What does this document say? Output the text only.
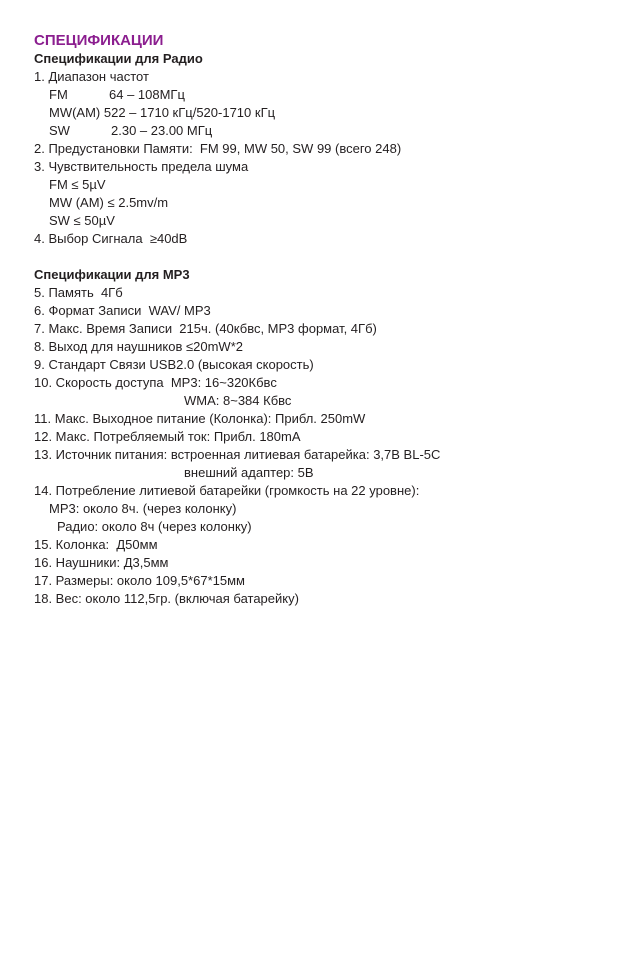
СПЕЦИФИКАЦИИ
Спецификации для Радио
1. Диапазон частот
FM	64 – 108МГц
MW(AM) 522 – 1710 кГц/520-1710 кГц
SW	2.30 – 23.00 МГц
2. Предустановки Памяти:  FM 99, MW 50, SW 99 (всего 248)
3. Чувствительность предела шума
FM ≤ 5µV
MW (AM) ≤ 2.5mv/m
SW ≤ 50µV
4. Выбор Сигнала  ≥40dB
Спецификации для MP3
5. Память  4Гб
6. Формат Записи  WAV/ MP3
7. Макс. Время Записи  215ч. (40кбвс, MP3 формат, 4Гб)
8. Выход для наушников ≤20mW*2
9. Стандарт Связи USB2.0 (высокая скорость)
10. Скорость доступа  MP3: 16~320Кбвс
WMA: 8~384 Кбвс
11. Макс. Выходное питание (Колонка): Прибл. 250mW
12. Макс. Потребляемый ток: Прибл. 180mA
13. Источник питания: встроенная литиевая батарейка: 3,7В BL-5C
внешний адаптер: 5В
14. Потребление литиевой батарейки (громкость на 22 уровне):
MP3: около 8ч. (через колонку)
Радио: около 8ч (через колонку)
15. Колонка:  Д50мм
16. Наушники: Д3,5мм
17. Размеры: около 109,5*67*15мм
18. Вес: около 112,5гр. (включая батарейку)
